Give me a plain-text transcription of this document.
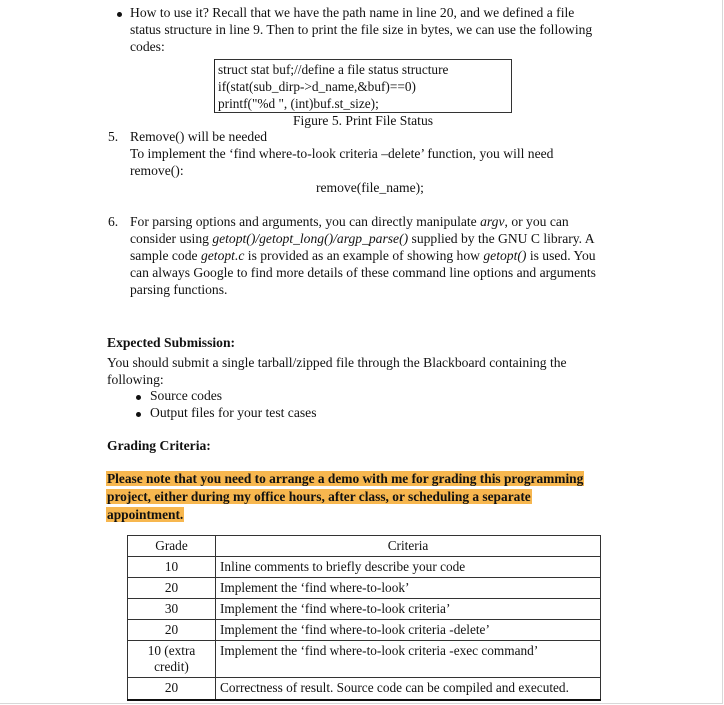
How to use it? Recall that we have the path name in line 20, and we defined a file
status structure in line 9. Then to print the file size in bytes, we can use the following
codes:
struct stat buf;//define a file status structure
if(stat(sub_dirp->d_name,&buf)==0)
printf("%d ", (int)buf.st_size);
Figure 5. Print File Status
5. Remove() will be needed
To implement the ‘find where-to-look criteria –delete’ function, you will need
remove():
remove(file_name);
6. For parsing options and arguments, you can directly manipulate argv, or you can
consider using getopt()/getopt_long()/argp_parse() supplied by the GNU C library. A
sample code getopt.c is provided as an example of showing how getopt() is used. You
can always Google to find more details of these command line options and arguments
parsing functions.
Expected Submission:
You should submit a single tarball/zipped file through the Blackboard containing the
following:
Source codes
Output files for your test cases
Grading Criteria:
Please note that you need to arrange a demo with me for grading this programming
project, either during my office hours, after class, or scheduling a separate
appointment.
Grade	Criteria
10	Inline comments to briefly describe your code
20	Implement the ‘find where-to-look’
30	Implement the ‘find where-to-look criteria’
20	Implement the ‘find where-to-look criteria -delete’
10 (extra credit)	Implement the ‘find where-to-look criteria -exec command’
20	Correctness of result. Source code can be compiled and executed.
